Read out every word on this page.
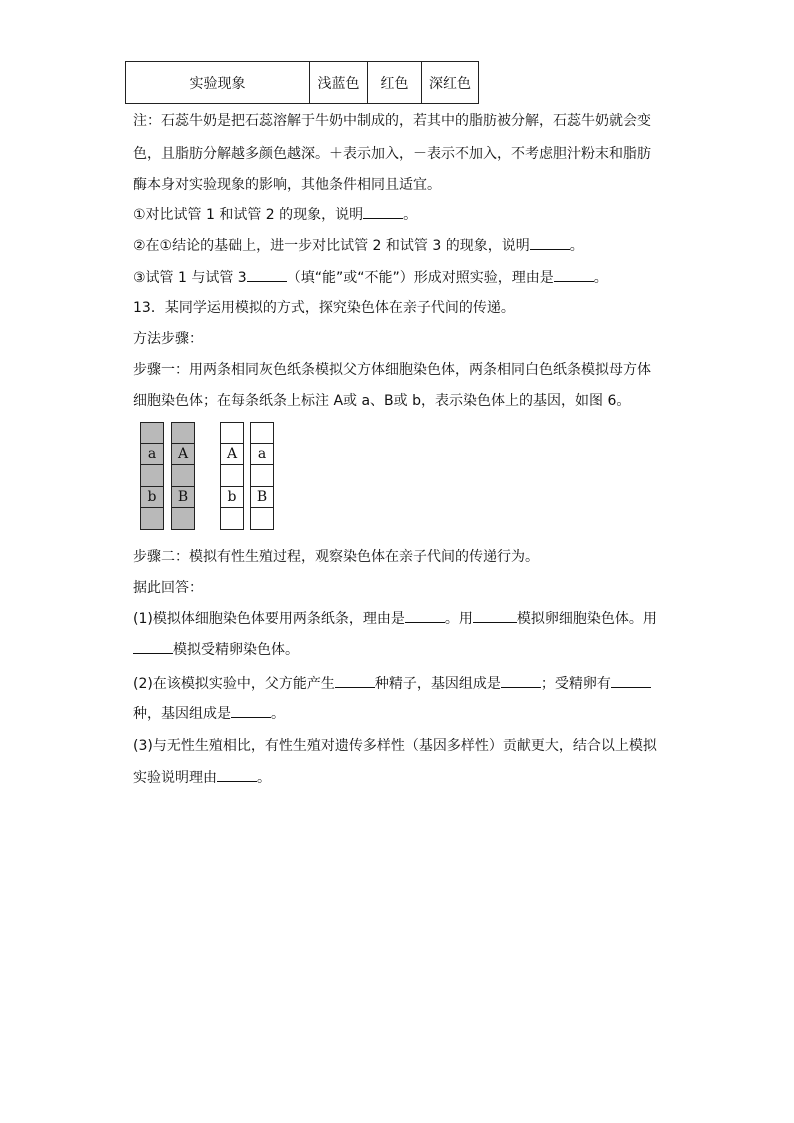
实验现象	浅蓝色	红色	深红色
注：石蕊牛奶是把石蕊溶解于牛奶中制成的，若其中的脂肪被分解，石蕊牛奶就会变
色，且脂肪分解越多颜色越深。＋表示加入，－表示不加入，不考虑胆汁粉末和脂肪
酶本身对实验现象的影响，其他条件相同且适宜。
①对比试管 1 和试管 2 的现象，说明	。
②在①结论的基础上，进一步对比试管 2 和试管 3 的现象，说明	。
③试管 1 与试管 3	（填“能”或“不能”）形成对照实验，理由是	。
13．某同学运用模拟的方式，探究染色体在亲子代间的传递。
方法步骤：
步骤一：用两条相同灰色纸条模拟父方体细胞染色体，两条相同白色纸条模拟母方体
细胞染色体；在每条纸条上标注 A或 a、B或 b，表示染色体上的基因，如图 6。
a
b
A
B
A
b
a
B
步骤二：模拟有性生殖过程，观察染色体在亲子代间的传递行为。
据此回答：
(1)模拟体细胞染色体要用两条纸条，理由是	。用	模拟卵细胞染色体。用
模拟受精卵染色体。
(2)在该模拟实验中，父方能产生	种精子，基因组成是	；受精卵有
种，基因组成是	。
(3)与无性生殖相比，有性生殖对遗传多样性（基因多样性）贡献更大，结合以上模拟
实验说明理由	。
